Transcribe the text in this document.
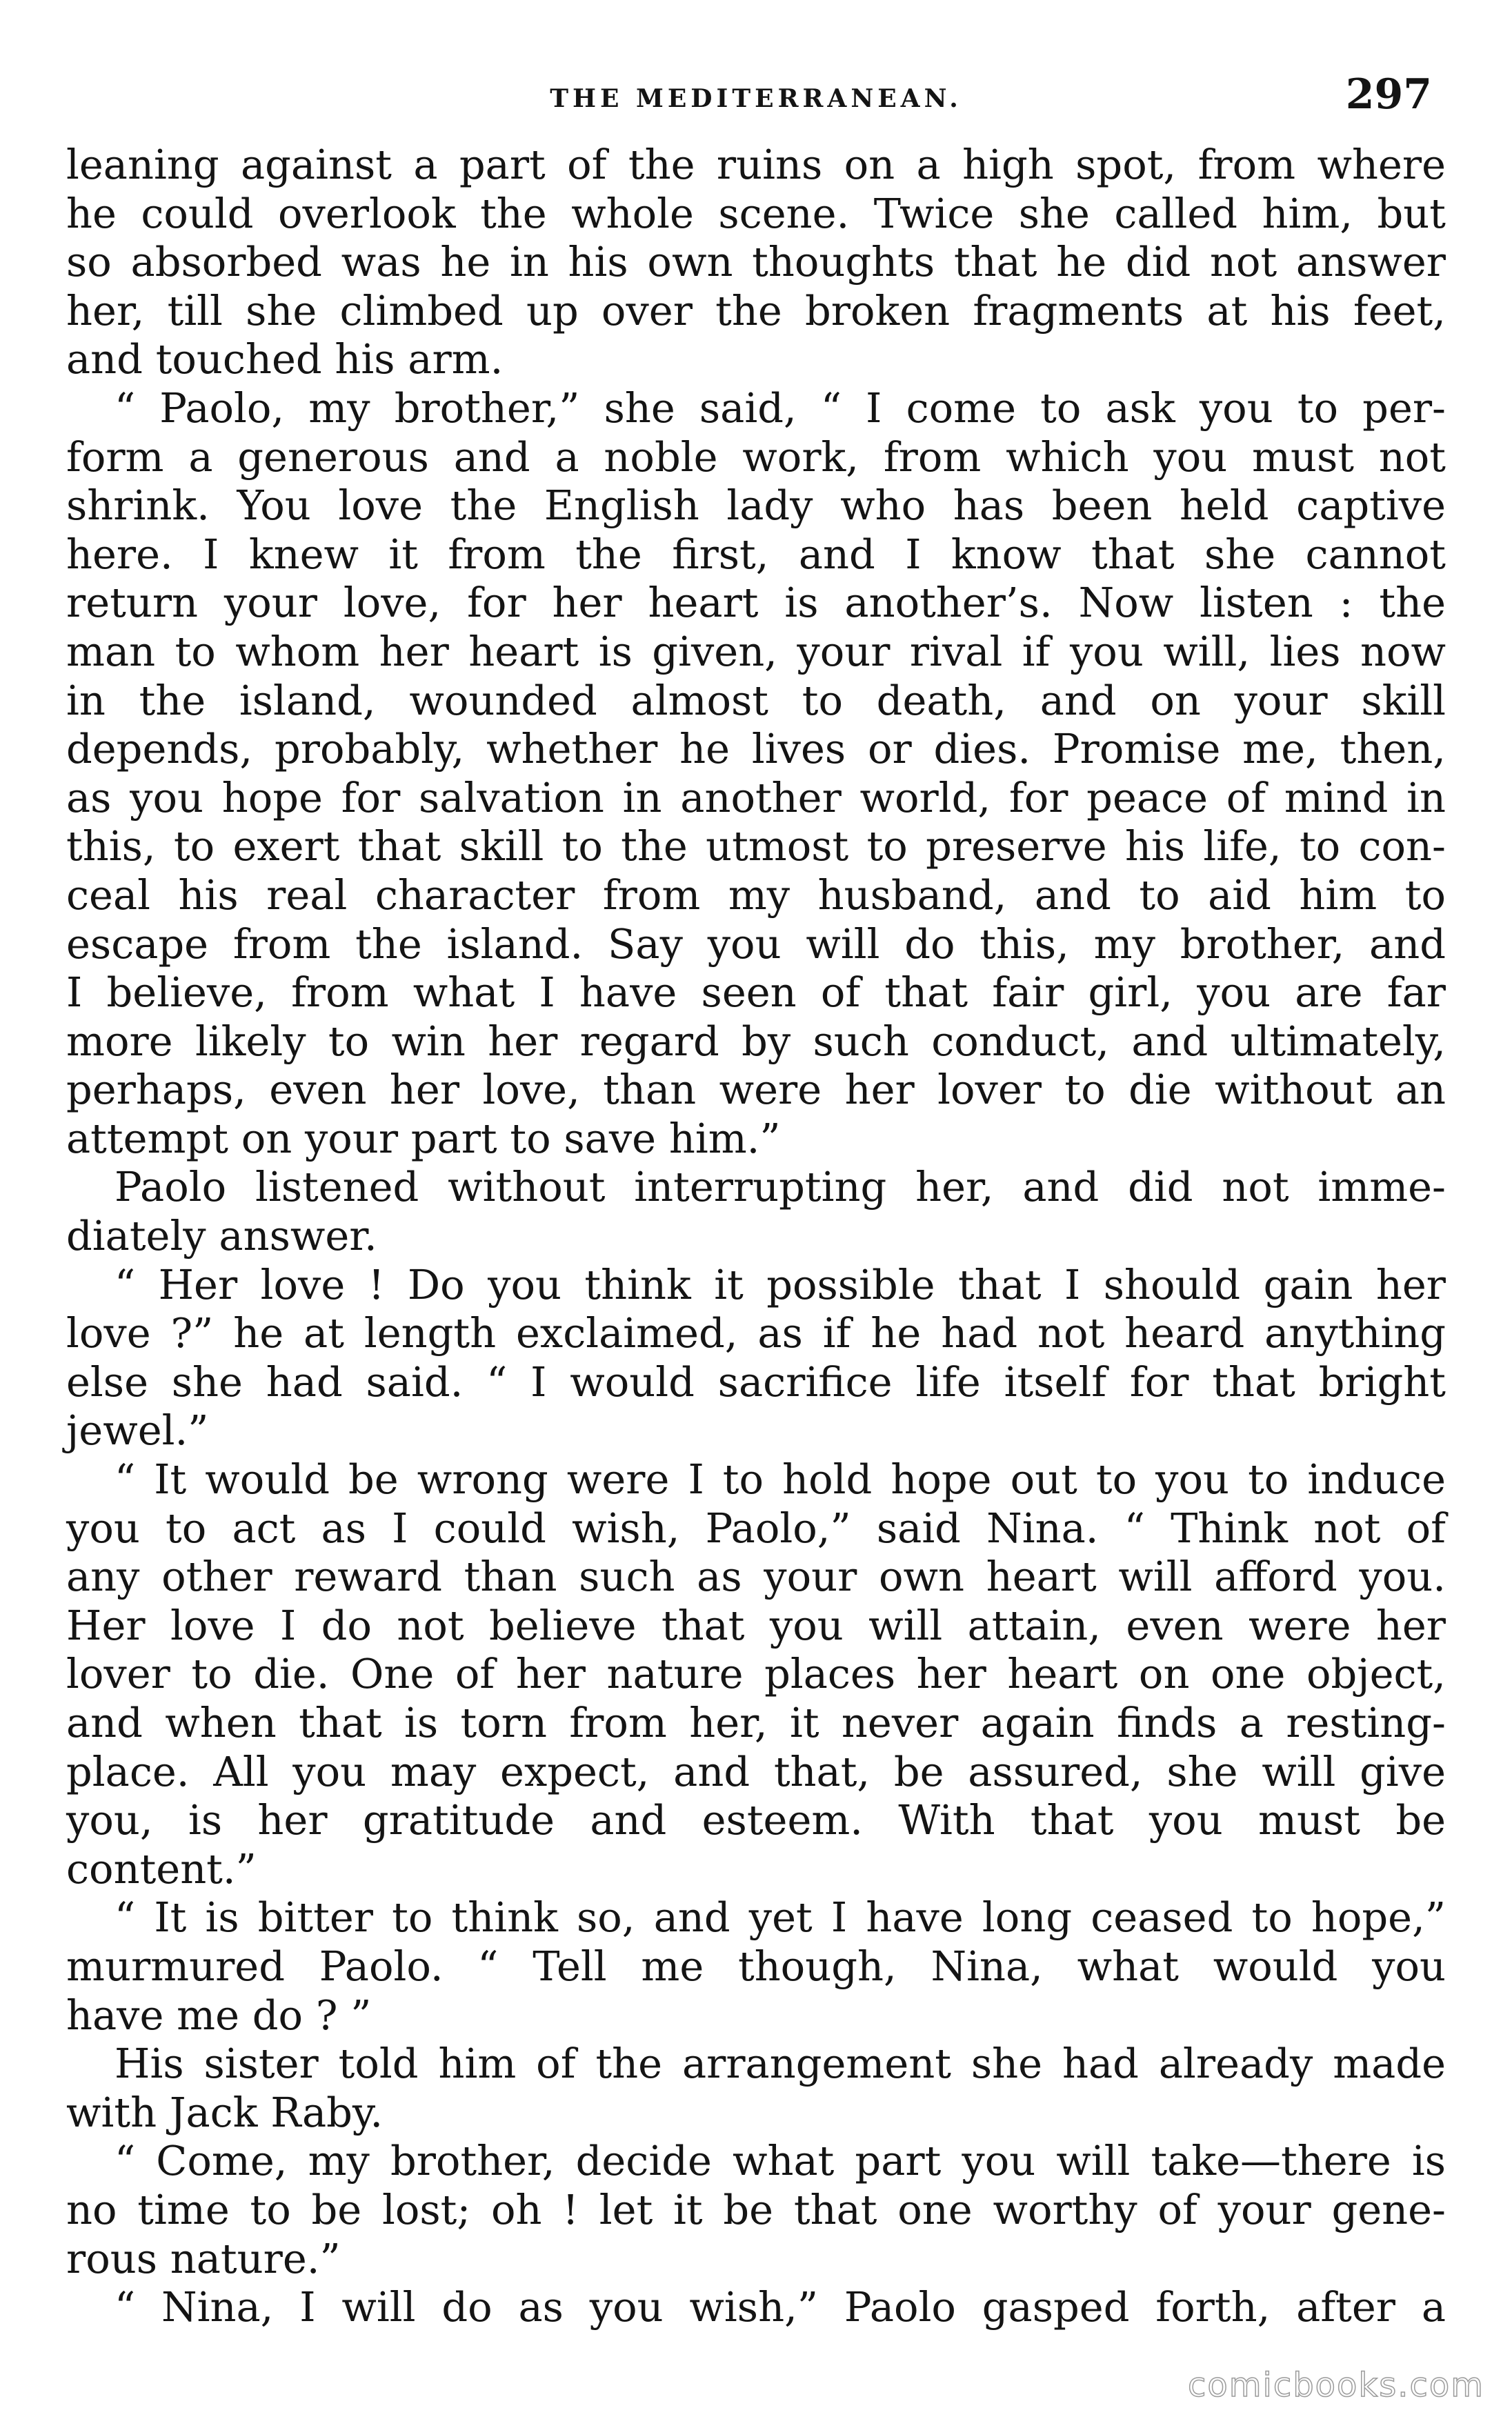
THE MEDITERRANEAN.	297
leaning against a part of the ruins on a high spot, from where
he could overlook the whole scene. Twice she called him, but
so absorbed was he in his own thoughts that he did not answer
her, till she climbed up over the broken fragments at his feet,
and touched his arm.
“ Paolo, my brother,” she said, “ I come to ask you to per-
form a generous and a noble work, from which you must not
shrink. You love the English lady who has been held captive
here. I knew it from the first, and I know that she cannot
return your love, for her heart is another’s. Now listen : the
man to whom her heart is given, your rival if you will, lies now
in the island, wounded almost to death, and on your skill
depends, probably, whether he lives or dies. Promise me, then,
as you hope for salvation in another world, for peace of mind in
this, to exert that skill to the utmost to preserve his life, to con-
ceal his real character from my husband, and to aid him to
escape from the island. Say you will do this, my brother, and
I believe, from what I have seen of that fair girl, you are far
more likely to win her regard by such conduct, and ultimately,
perhaps, even her love, than were her lover to die without an
attempt on your part to save him.”
Paolo listened without interrupting her, and did not imme-
diately answer.
“ Her love ! Do you think it possible that I should gain her
love ?” he at length exclaimed, as if he had not heard anything
else she had said. “ I would sacrifice life itself for that bright
jewel.”
“ It would be wrong were I to hold hope out to you to induce
you to act as I could wish, Paolo,” said Nina. “ Think not of
any other reward than such as your own heart will afford you.
Her love I do not believe that you will attain, even were her
lover to die. One of her nature places her heart on one object,
and when that is torn from her, it never again finds a resting-
place. All you may expect, and that, be assured, she will give
you, is her gratitude and esteem. With that you must be
content.”
“ It is bitter to think so, and yet I have long ceased to hope,”
murmured Paolo. “ Tell me though, Nina, what would you
have me do ? ”
His sister told him of the arrangement she had already made
with Jack Raby.
“ Come, my brother, decide what part you will take—there is
no time to be lost; oh ! let it be that one worthy of your gene-
rous nature.”
“ Nina, I will do as you wish,” Paolo gasped forth, after a
comicbooks.com
